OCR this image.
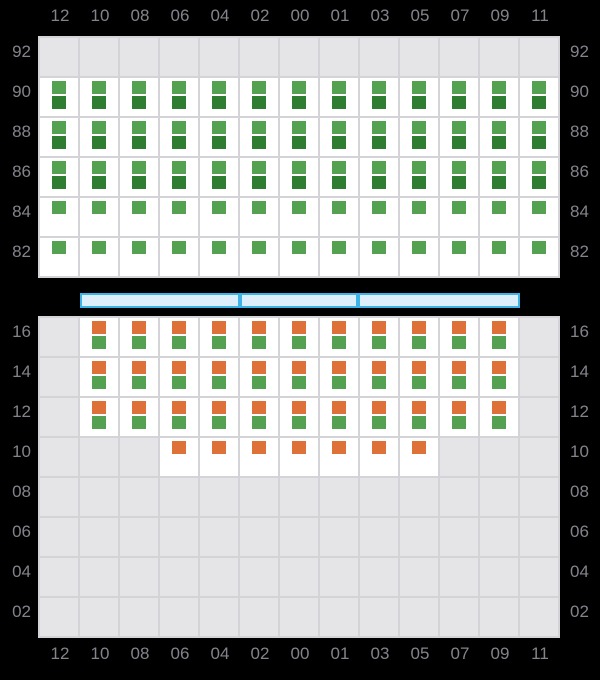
12	10	08	06	04	02	00	01	03	05	07	09	11
92
90
88
86
84
82
92
90
88
86
84
82
16
14
12
10
08
06
04
02
16
14
12
10
08
06
04
02
12	10	08	06	04	02	00	01	03	05	07	09	11
